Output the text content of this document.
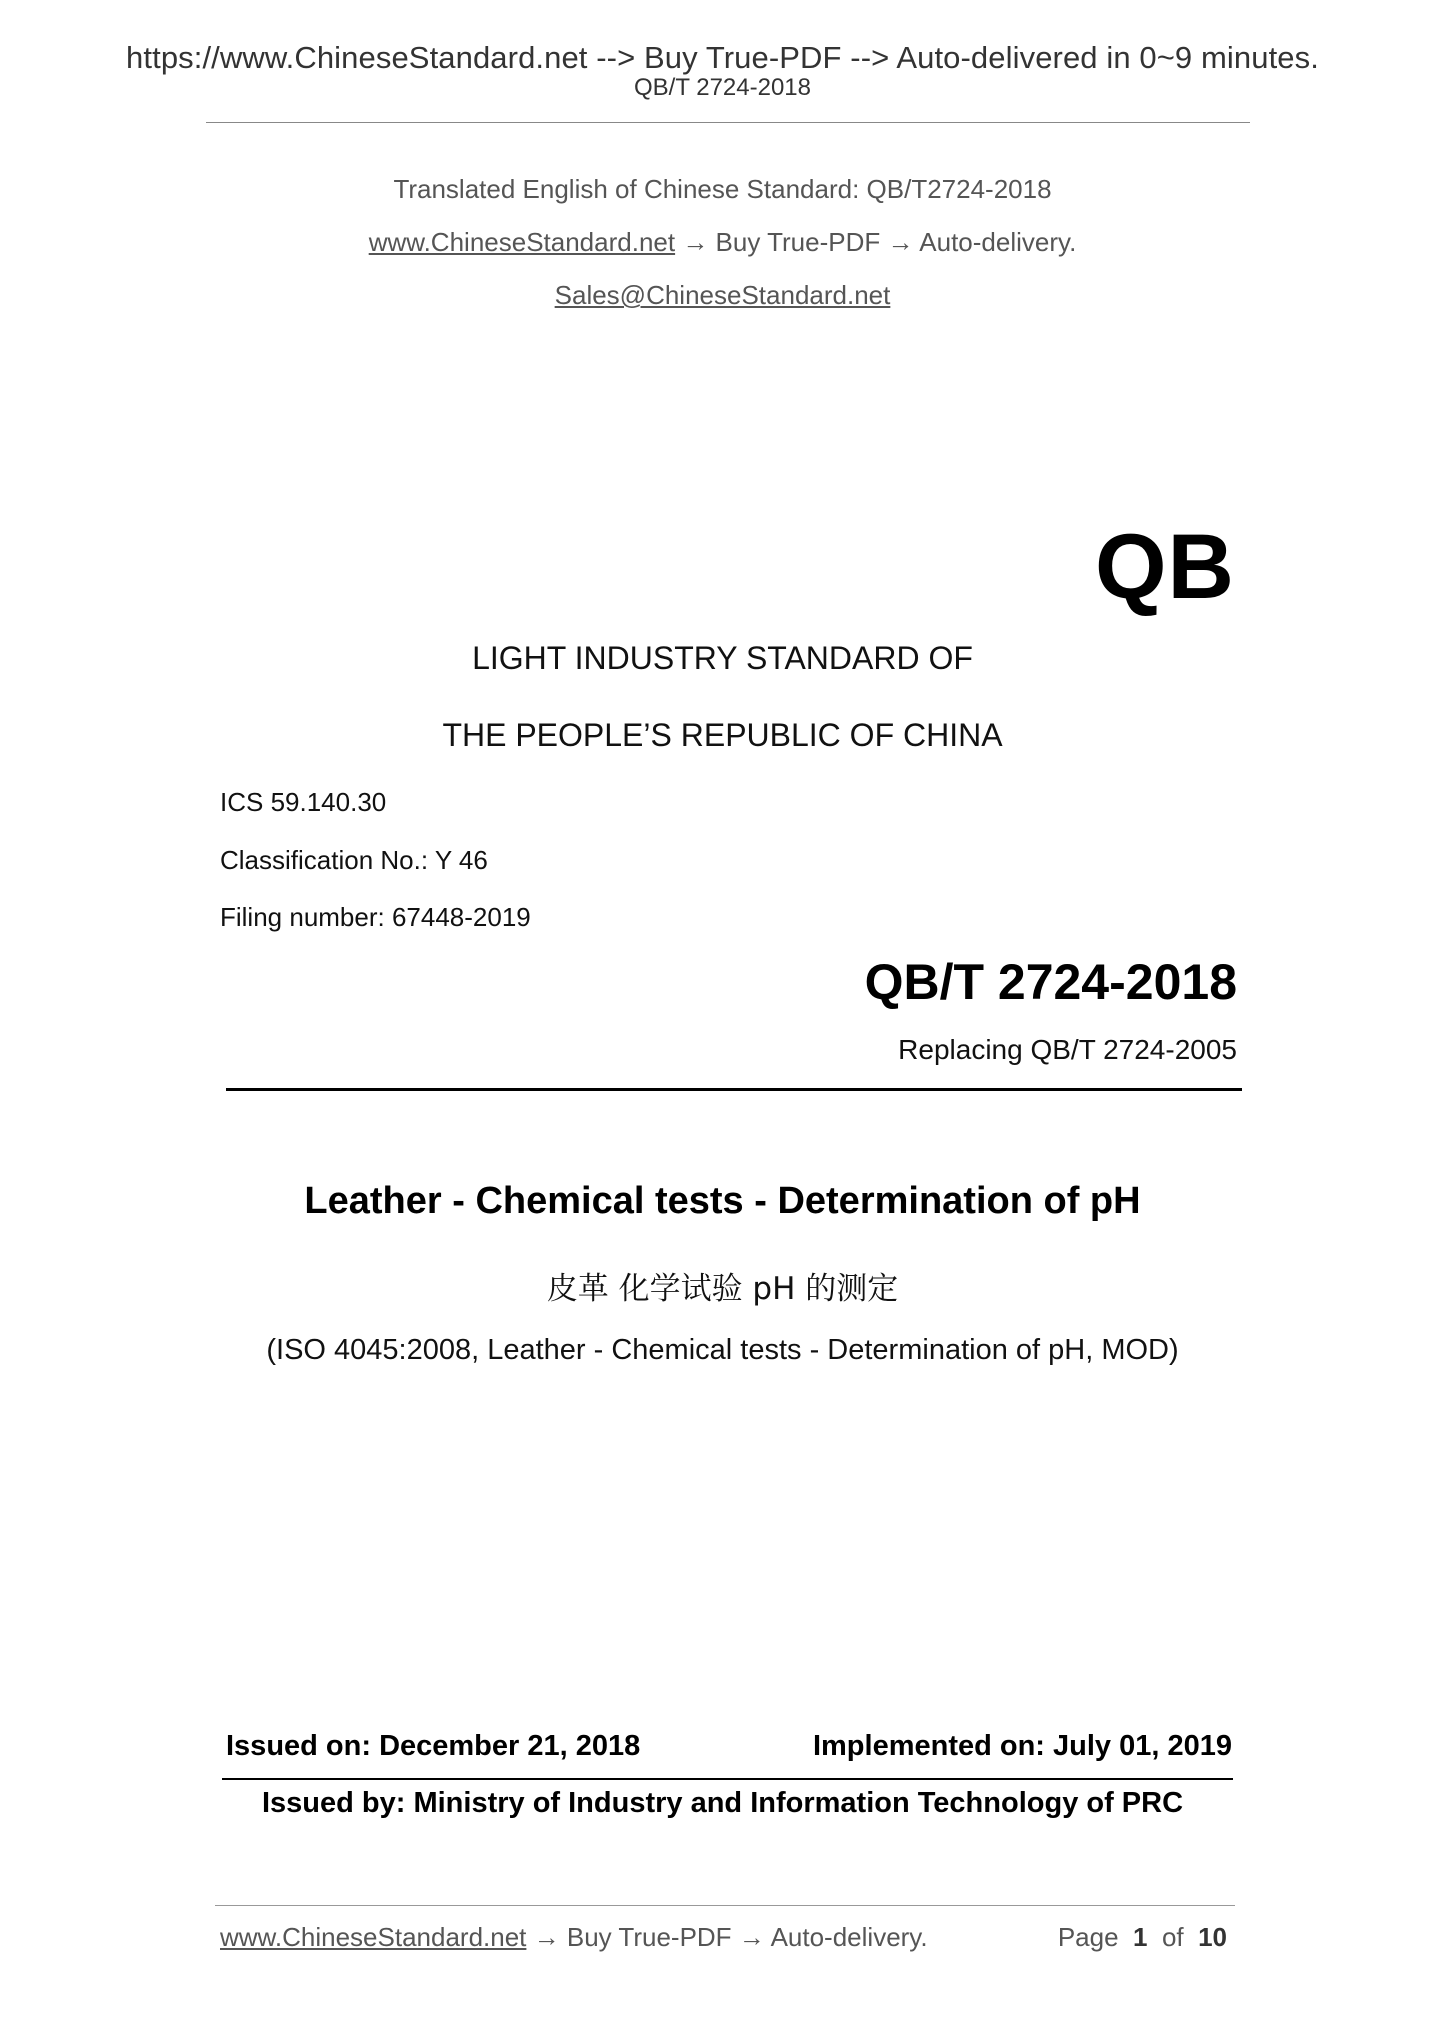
https://www.ChineseStandard.net --> Buy True-PDF --> Auto-delivered in 0~9 minutes.
QB/T 2724-2018
Translated English of Chinese Standard: QB/T2724-2018
www.ChineseStandard.net → Buy True-PDF → Auto-delivery.
Sales@ChineseStandard.net
QB
LIGHT INDUSTRY STANDARD OF
THE PEOPLE’S REPUBLIC OF CHINA
ICS 59.140.30
Classification No.: Y 46
Filing number: 67448-2019
QB/T 2724-2018
Replacing QB/T 2724-2005
Leather - Chemical tests - Determination of pH
皮革 化学试验 pH 的测定
(ISO 4045:2008, Leather - Chemical tests - Determination of pH, MOD)
Issued on: December 21, 2018	Implemented on: July 01, 2019
Issued by: Ministry of Industry and Information Technology of PRC
www.ChineseStandard.net → Buy True-PDF → Auto-delivery.	Page 1 of 10
